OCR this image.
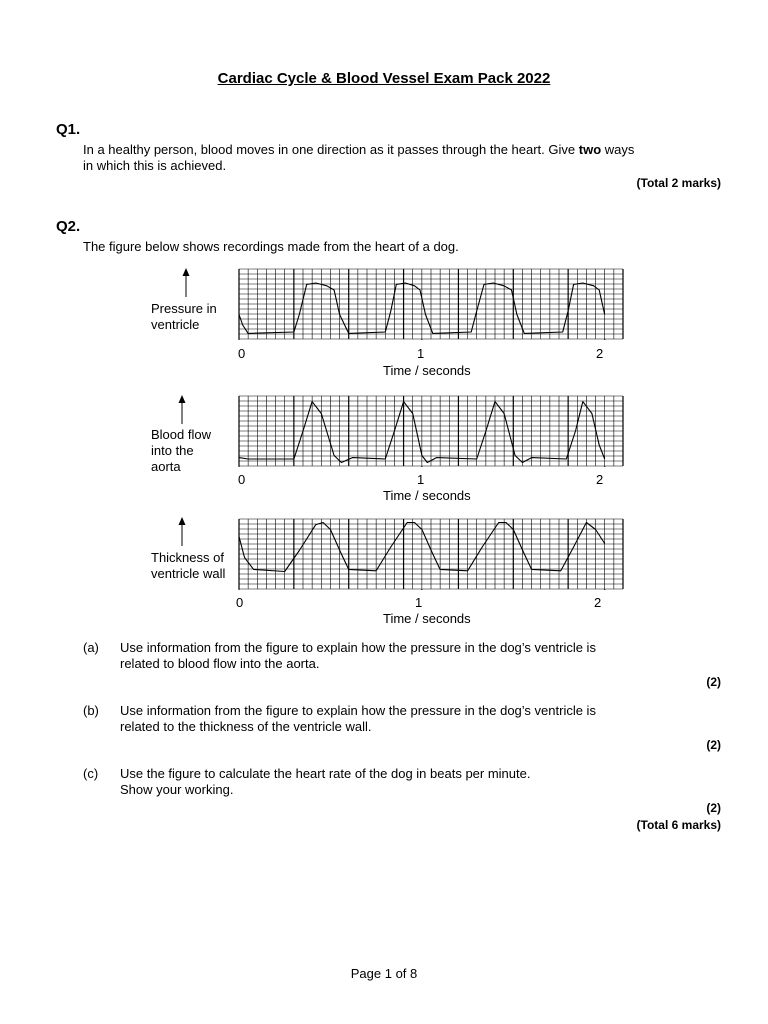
Cardiac Cycle & Blood Vessel Exam Pack 2022
Q1.
In a healthy person, blood moves in one direction as it passes through the heart. Give two ways
in which this is achieved.
(Total 2 marks)
Q2.
The figure below shows recordings made from the heart of a dog.
Pressure in
ventricle
0	1	2
Time / seconds
Blood flow
into the
aorta
0	1	2
Time / seconds
Thickness of
ventricle wall
0	1	2
Time / seconds
(a) Use information from the figure to explain how the pressure in the dog’s ventricle is
related to blood flow into the aorta.
(2)
(b) Use information from the figure to explain how the pressure in the dog’s ventricle is
related to the thickness of the ventricle wall.
(2)
(c) Use the figure to calculate the heart rate of the dog in beats per minute.
Show your working.
(2)
(Total 6 marks)
Page 1 of 8
